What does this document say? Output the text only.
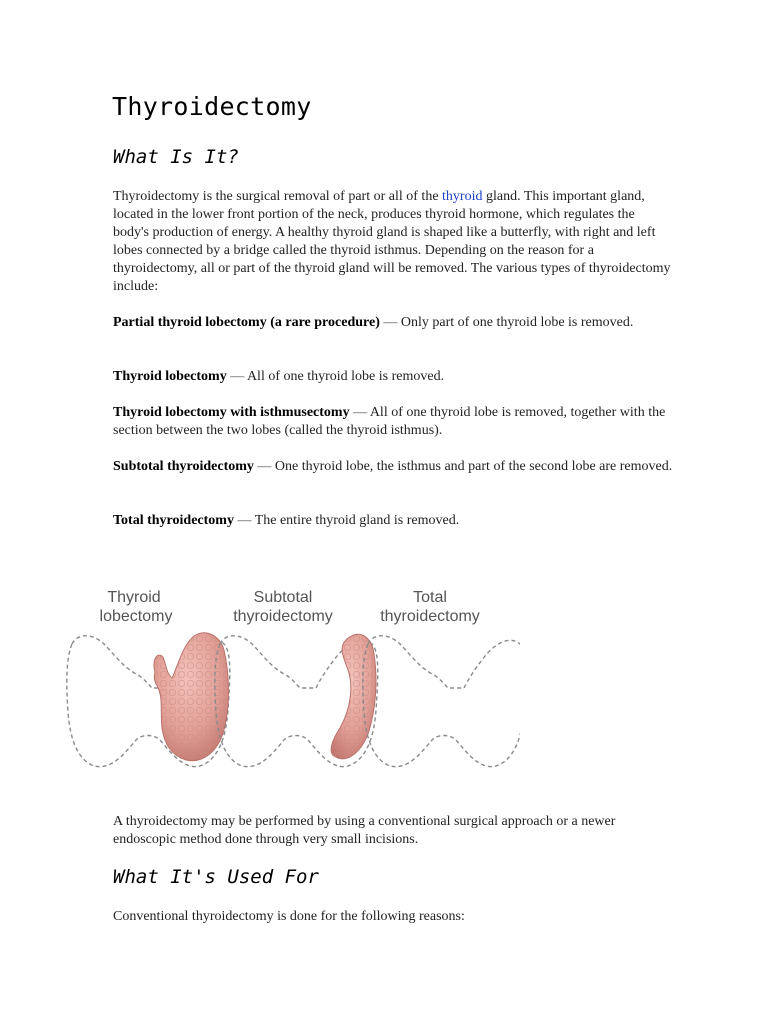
Thyroidectomy
What Is It?

Thyroidectomy is the surgical removal of part or all of the thyroid gland. This important gland, located in the lower front portion of the neck, produces thyroid hormone, which regulates the body's production of energy. A healthy thyroid gland is shaped like a butterfly, with right and left lobes connected by a bridge called the thyroid isthmus. Depending on the reason for a thyroidectomy, all or part of the thyroid gland will be removed. The various types of thyroidectomy include:

Partial thyroid lobectomy (a rare procedure) — Only part of one thyroid lobe is removed.

Thyroid lobectomy — All of one thyroid lobe is removed.

Thyroid lobectomy with isthmusectomy — All of one thyroid lobe is removed, together with the section between the two lobes (called the thyroid isthmus).

Subtotal thyroidectomy — One thyroid lobe, the isthmus and part of the second lobe are removed.

Total thyroidectomy — The entire thyroid gland is removed.

Thyroid
lobectomy
Subtotal
thyroidectomy
Total
thyroidectomy

A thyroidectomy may be performed by using a conventional surgical approach or a newer endoscopic method done through very small incisions.

What It's Used For

Conventional thyroidectomy is done for the following reasons:
